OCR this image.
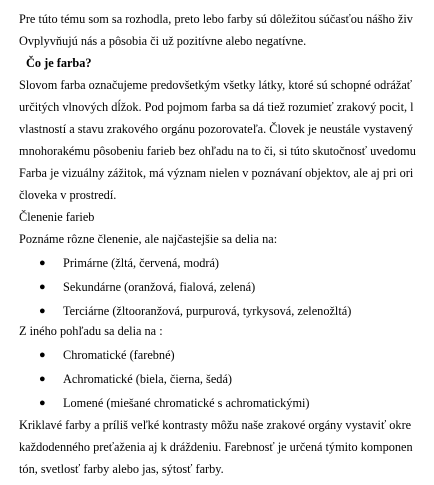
Pre túto tému som sa rozhodla, preto lebo farby sú dôležitou súčasťou nášho živ
Ovplyvňujú nás a pôsobia či už pozitívne alebo negatívne.
Čo je farba?
Slovom farba označujeme predovšetkým všetky látky, ktoré sú schopné odrážať
určitých vlnových dĺžok. Pod pojmom farba sa dá tiež rozumieť zrakový pocit, l
vlastností a stavu zrakového orgánu pozorovateľa. Človek je neustále vystavený
mnohorakému pôsobeniu farieb bez ohľadu na to či, si túto skutočnosť uvedomu
Farba je vizuálny zážitok, má význam nielen v poznávaní objektov, ale aj pri ori
človeka v prostredí.
Členenie farieb
Poznáme rôzne členenie, ale najčastejšie sa delia na:
● Primárne (žltá, červená, modrá)
● Sekundárne (oranžová, fialová, zelená)
● Terciárne (žltooranžová, purpurová, tyrkysová, zelenožltá)
Z iného pohľadu sa delia na :
● Chromatické (farebné)
● Achromatické (biela, čierna, šedá)
● Lomené (miešané chromatické s achromatickými)
Kriklavé farby a príliš veľké kontrasty môžu naše zrakové orgány vystaviť okre
každodenného preťaženia aj k dráždeniu. Farebnosť je určená týmito komponen
tón, svetlosť farby alebo jas, sýtosť farby.
